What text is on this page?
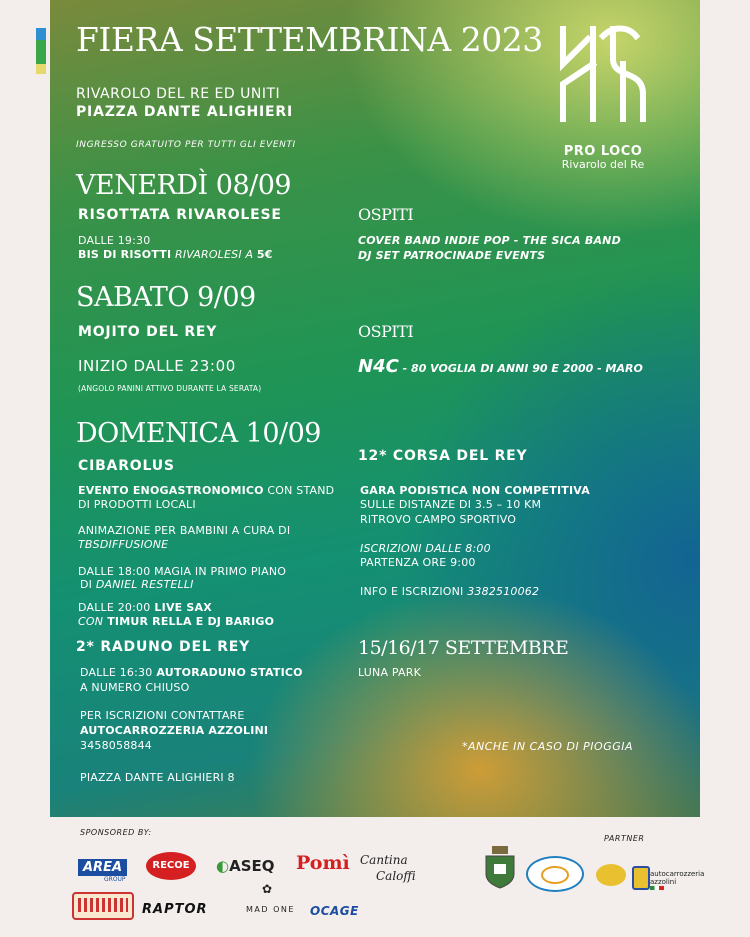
FIERA SETTEMBRINA 2023
RIVAROLO DEL RE ED UNITI
PIAZZA DANTE ALIGHIERI
INGRESSO GRATUITO PER TUTTI GLI EVENTI	PRO LOCO
Rivarolo del Re
VENERDÌ 08/09
RISOTTATA RIVAROLESE
DALLE 19:30
BIS DI RISOTTI RIVAROLESI A 5€
OSPITI
COVER BAND INDIE POP - THE SICA BAND
DJ SET PATROCINADE EVENTS
SABATO 9/09
MOJITO DEL REY
INIZIO DALLE 23:00
(ANGOLO PANINI ATTIVO DURANTE LA SERATA)
OSPITI
N4C - 80 VOGLIA DI ANNI 90 E 2000 - MARO
DOMENICA 10/09
CIBAROLUS
EVENTO ENOGASTRONOMICO CON STAND
DI PRODOTTI LOCALI
ANIMAZIONE PER BAMBINI A CURA DI
TBSDIFFUSIONE
DALLE 18:00 MAGIA IN PRIMO PIANO
DI DANIEL RESTELLI
DALLE 20:00 LIVE SAX
CON TIMUR RELLA E DJ BARIGO
2* RADUNO DEL REY
DALLE 16:30 AUTORADUNO STATICO
A NUMERO CHIUSO
PER ISCRIZIONI CONTATTARE
AUTOCARROZZERIA AZZOLINI
3458058844
PIAZZA DANTE ALIGHIERI 8
12* CORSA DEL REY
GARA PODISTICA NON COMPETITIVA
SULLE DISTANZE DI 3.5 – 10 KM
RITROVO CAMPO SPORTIVO
ISCRIZIONI DALLE 8:00
PARTENZA ORE 9:00
INFO E ISCRIZIONI 3382510062
15/16/17 SETTEMBRE
LUNA PARK
*ANCHE IN CASO DI PIOGGIA
SPONSORED BY:
PARTNER
AREA
GROUP
RECOE	◐ASEQ Pomì Cantina
Caloffi
RAPTOR
✿
MAD ONE OCAGE
autocarrozzeria
azzolini
